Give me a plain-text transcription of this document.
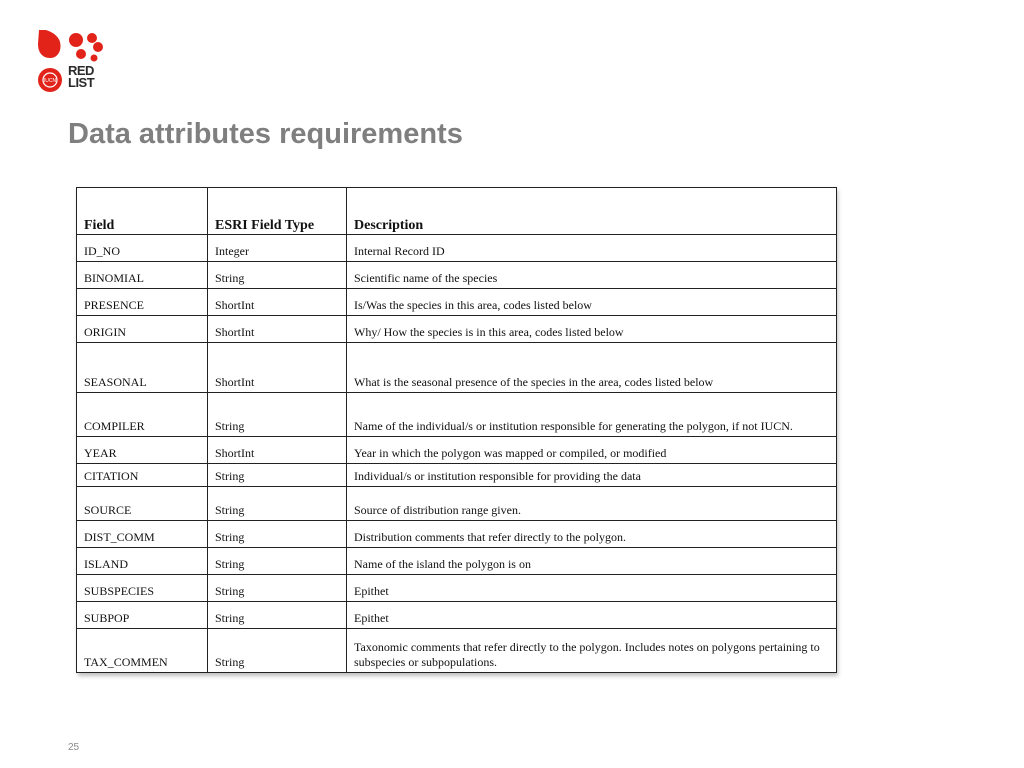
IUCN
RED
LIST
Data attributes requirements
Field	ESRI Field Type	Description
ID_NO	Integer	Internal Record ID
BINOMIAL	String	Scientific name of the species
PRESENCE	ShortInt	Is/Was the species in this area, codes listed below
ORIGIN	ShortInt	Why/ How the species is in this area, codes listed below
SEASONAL	ShortInt	What is the seasonal presence of the species in the area, codes listed below
COMPILER	String	Name of the individual/s or institution responsible for generating the polygon, if not IUCN.
YEAR	ShortInt	Year in which the polygon was mapped or compiled, or modified
CITATION	String	Individual/s or institution responsible for providing the data
SOURCE	String	Source of distribution range given.
DIST_COMM	String	Distribution comments that refer directly to the polygon.
ISLAND	String	Name of the island the polygon is on
SUBSPECIES	String	Epithet
SUBPOP	String	Epithet
TAX_COMMEN	String	Taxonomic comments that refer directly to the polygon. Includes notes on polygons pertaining to subspecies or subpopulations.
25
